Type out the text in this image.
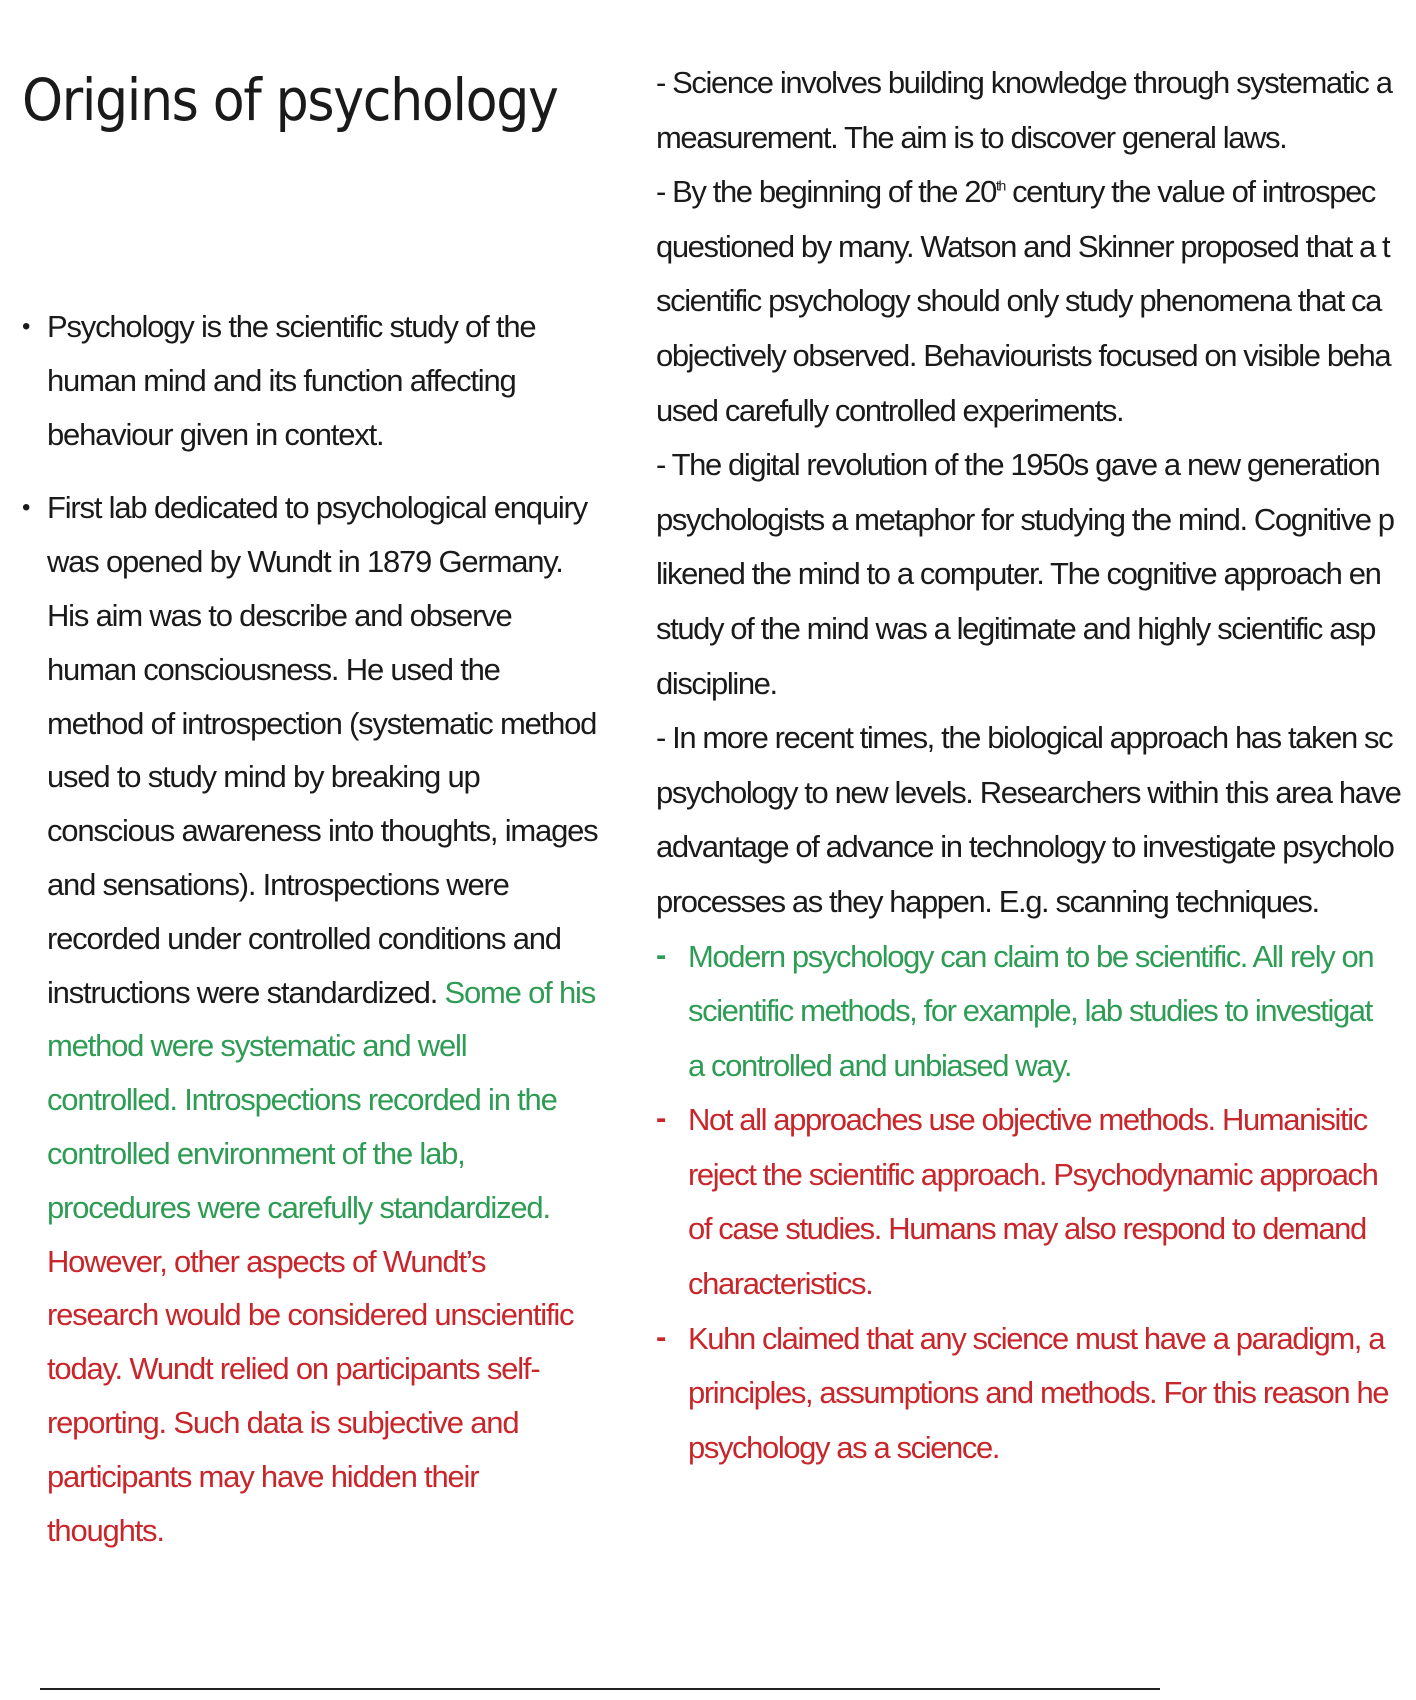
Origins of psychology
• Psychology is the scientific study of the human mind and its function affecting behaviour given in context.
• First lab dedicated to psychological enquiry was opened by Wundt in 1879 Germany. His aim was to describe and observe human consciousness. He used the method of introspection (systematic method used to study mind by breaking up conscious awareness into thoughts, images and sensations). Introspections were recorded under controlled conditions and instructions were standardized. Some of his method were systematic and well controlled. Introspections recorded in the controlled environment of the lab, procedures were carefully standardized. However, other aspects of Wundt’s research would be considered unscientific today. Wundt relied on participants self-reporting. Such data is subjective and participants may have hidden their thoughts.
- Science involves building knowledge through systematic a
measurement. The aim is to discover general laws.
- By the beginning of the 20th century the value of introspec
questioned by many. Watson and Skinner proposed that a t
scientific psychology should only study phenomena that ca
objectively observed. Behaviourists focused on visible beha
used carefully controlled experiments.
- The digital revolution of the 1950s gave a new generation
psychologists a metaphor for studying the mind. Cognitive p
likened the mind to a computer. The cognitive approach en
study of the mind was a legitimate and highly scientific asp
discipline.
- In more recent times, the biological approach has taken sc
psychology to new levels. Researchers within this area have
advantage of advance in technology to investigate psycholo
processes as they happen. E.g. scanning techniques.
- Modern psychology can claim to be scientific. All rely on
scientific methods, for example, lab studies to investigat
a controlled and unbiased way.
- Not all approaches use objective methods. Humanisitic
reject the scientific approach. Psychodynamic approach
of case studies. Humans may also respond to demand
characteristics.
- Kuhn claimed that any science must have a paradigm, a
principles, assumptions and methods. For this reason he
psychology as a science.
